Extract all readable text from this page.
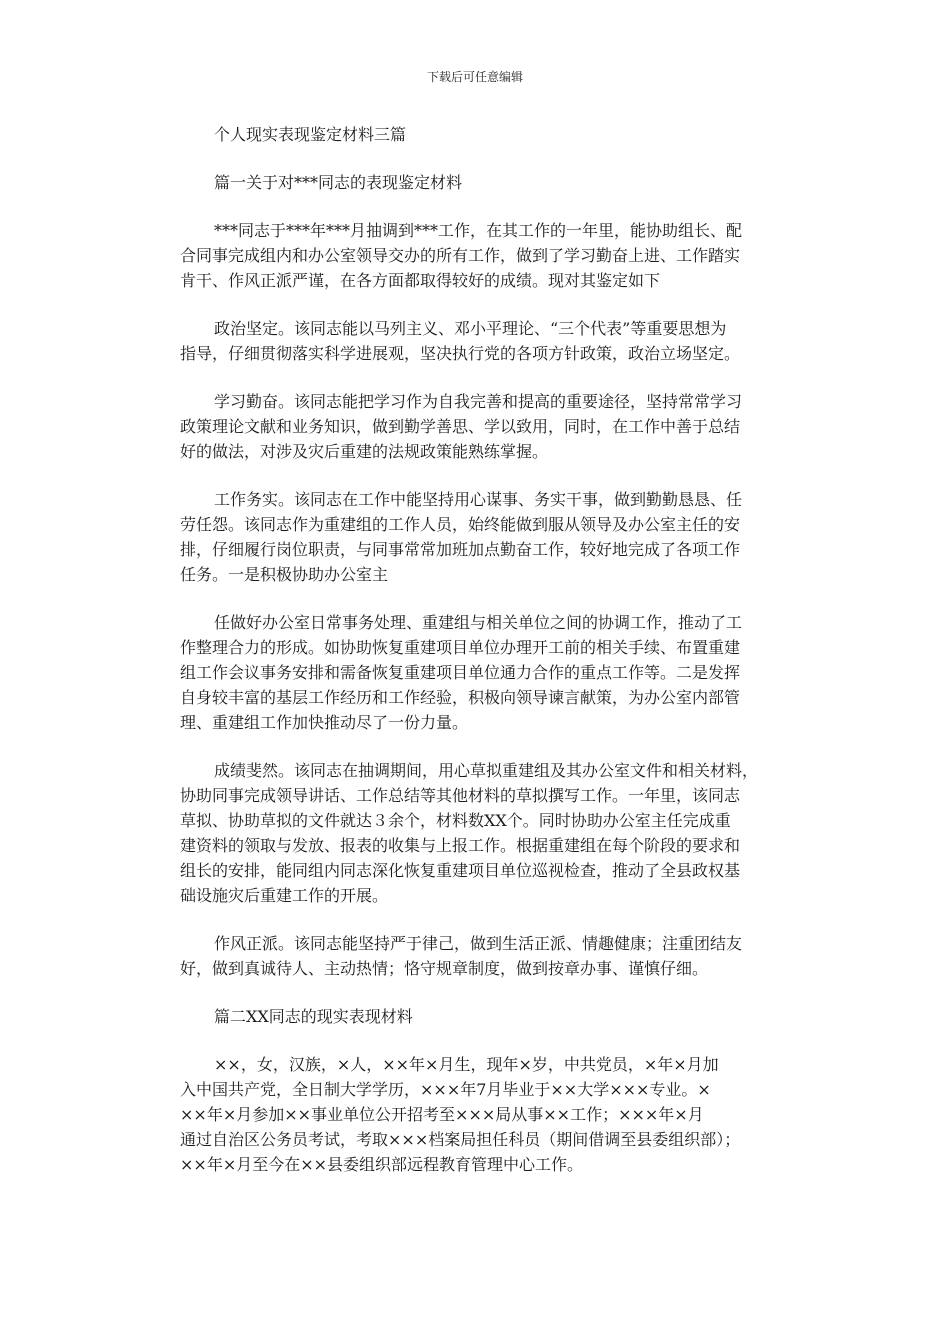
下载后可任意编辑

个人现实表现鉴定材料三篇

篇一关于对***同志的表现鉴定材料

***同志于***年***月抽调到***工作，在其工作的一年里，能协助组长、配

合同事完成组内和办公室领导交办的所有工作，做到了学习勤奋上进、工作踏实

肯干、作风正派严谨，在各方面都取得较好的成绩。现对其鉴定如下

政治坚定。该同志能以马列主义、邓小平理论、“三个代表”等重要思想为

指导，仔细贯彻落实科学进展观，坚决执行党的各项方针政策，政治立场坚定。

学习勤奋。该同志能把学习作为自我完善和提高的重要途径，坚持常常学习

政策理论文献和业务知识，做到勤学善思、学以致用，同时，在工作中善于总结

好的做法，对涉及灾后重建的法规政策能熟练掌握。

工作务实。该同志在工作中能坚持用心谋事、务实干事，做到勤勤恳恳、任

劳任怨。该同志作为重建组的工作人员，始终能做到服从领导及办公室主任的安

排，仔细履行岗位职责，与同事常常加班加点勤奋工作，较好地完成了各项工作

任务。一是积极协助办公室主

任做好办公室日常事务处理、重建组与相关单位之间的协调工作，推动了工

作整理合力的形成。如协助恢复重建项目单位办理开工前的相关手续、布置重建

组工作会议事务安排和需备恢复重建项目单位通力合作的重点工作等。二是发挥

自身较丰富的基层工作经历和工作经验，积极向领导谏言献策，为办公室内部管

理、重建组工作加快推动尽了一份力量。

成绩斐然。该同志在抽调期间，用心草拟重建组及其办公室文件和相关材料，

协助同事完成领导讲话、工作总结等其他材料的草拟撰写工作。一年里，该同志

草拟、协助草拟的文件就达３余个，材料数XX个。同时协助办公室主任完成重

建资料的领取与发放、报表的收集与上报工作。根据重建组在每个阶段的要求和

组长的安排，能同组内同志深化恢复重建项目单位巡视检查，推动了全县政权基

础设施灾后重建工作的开展。

作风正派。该同志能坚持严于律己，做到生活正派、情趣健康；注重团结友

好，做到真诚待人、主动热情；恪守规章制度，做到按章办事、谨慎仔细。

篇二XX同志的现实表现材料

××，女，汉族，×人，××年×月生，现年×岁，中共党员，×年×月加

入中国共产党，全日制大学学历，×××年7月毕业于××大学×××专业。×

××年×月参加××事业单位公开招考至×××局从事××工作；×××年×月

通过自治区公务员考试，考取×××档案局担任科员（期间借调至县委组织部）；

××年×月至今在××县委组织部远程教育管理中心工作。
